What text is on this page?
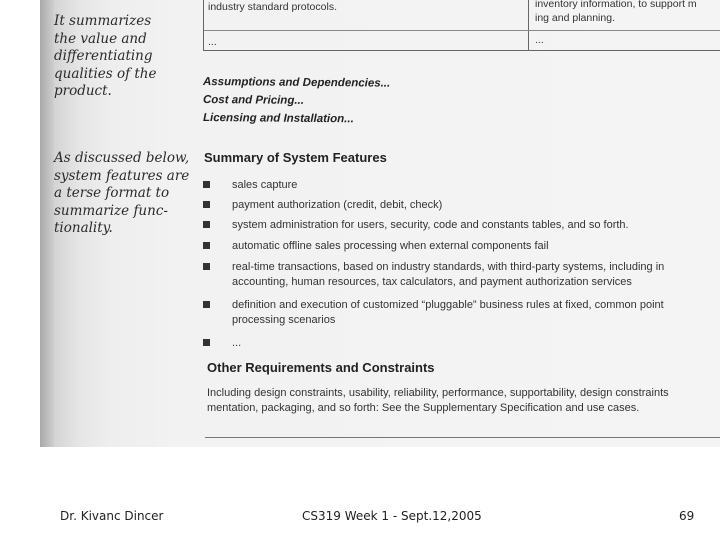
It summarizes
the value and
differentiating
qualities of the
product.

As discussed below,
system features are
a terse format to
summarize func-
tionality.

industry standard protocols.	inventory information, to support m
ing and planning.
...	...
Assumptions and Dependencies...
Cost and Pricing...
Licensing and Installation...
Summary of System Features
sales capture
payment authorization (credit, debit, check)
system administration for users, security, code and constants tables, and so forth.
automatic offline sales processing when external components fail
real-time transactions, based on industry standards, with third-party systems, including in
accounting, human resources, tax calculators, and payment authorization services
definition and execution of customized “pluggable” business rules at fixed, common point
processing scenarios
...
Other Requirements and Constraints
Including design constraints, usability, reliability, performance, supportability, design constraints
mentation, packaging, and so forth: See the Supplementary Specification and use cases.
Dr. Kivanc Dincer	CS319 Week 1 - Sept.12,2005	69
